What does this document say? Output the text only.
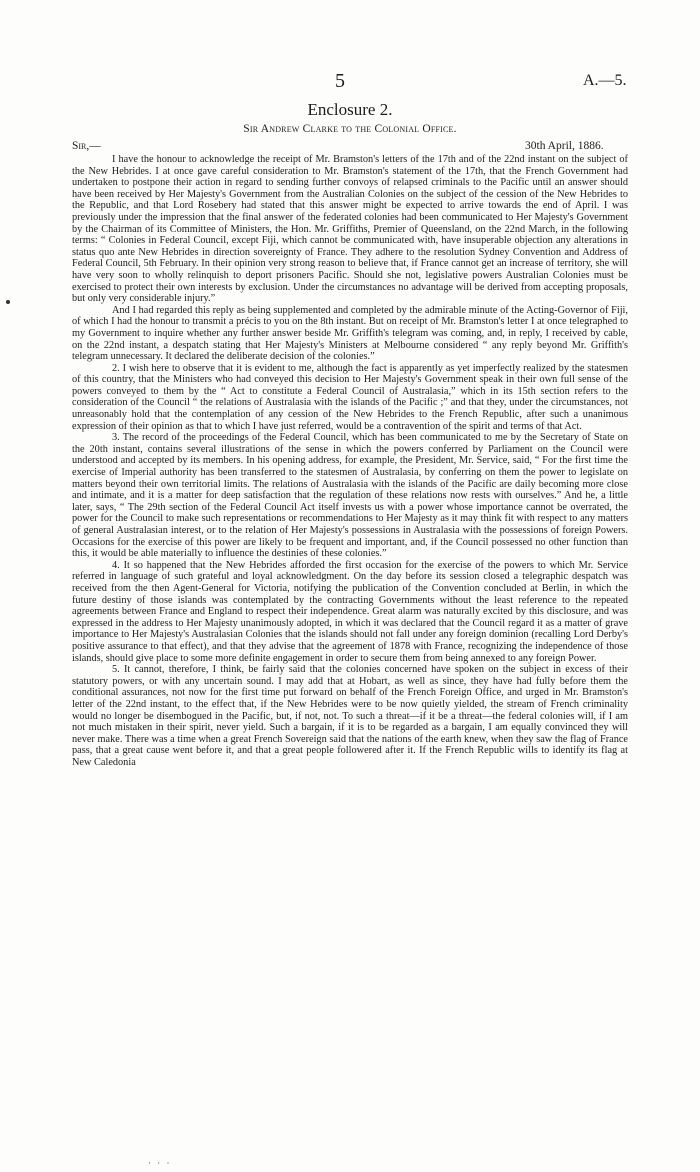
5	A.—5.
Enclosure 2.
Sir Andrew Clarke to the Colonial Office.
Sir,—	30th April, 1886.

I have the honour to acknowledge the receipt of Mr. Bramston's letters of the 17th and of the 22nd instant on the subject of the New Hebrides. I at once gave careful consideration to Mr. Bramston's statement of the 17th, that the French Government had undertaken to postpone their action in regard to sending further convoys of relapsed criminals to the Pacific until an answer should have been received by Her Majesty's Government from the Australian Colonies on the subject of the cession of the New Hebrides to the Republic, and that Lord Rosebery had stated that this answer might be expected to arrive towards the end of April. I was previously under the impression that the final answer of the federated colonies had been communicated to Her Majesty's Government by the Chairman of its Committee of Ministers, the Hon. Mr. Griffiths, Premier of Queensland, on the 22nd March, in the following terms: “ Colonies in Federal Council, except Fiji, which cannot be communicated with, have insuperable objection any alterations in status quo ante New Hebrides in direction sovereignty of France. They adhere to the resolution Sydney Convention and Address of Federal Council, 5th February. In their opinion very strong reason to believe that, if France cannot get an increase of territory, she will have very soon to wholly relinquish to deport prisoners Pacific. Should she not, legislative powers Australian Colonies must be exercised to protect their own interests by exclusion. Under the circumstances no advantage will be derived from accepting proposals, but only very considerable injury.”

And I had regarded this reply as being supplemented and completed by the admirable minute of the Acting-Governor of Fiji, of which I had the honour to transmit a précis to you on the 8th instant. But on receipt of Mr. Bramston's letter I at once telegraphed to my Government to inquire whether any further answer beside Mr. Griffith's telegram was coming, and, in reply, I received by cable, on the 22nd instant, a despatch stating that Her Majesty's Ministers at Melbourne considered “ any reply beyond Mr. Griffith's telegram unnecessary. It declared the deliberate decision of the colonies.”

2. I wish here to observe that it is evident to me, although the fact is apparently as yet imperfectly realized by the statesmen of this country, that the Ministers who had conveyed this decision to Her Majesty's Government speak in their own full sense of the powers conveyed to them by the “ Act to constitute a Federal Council of Australasia,” which in its 15th section refers to the consideration of the Council “ the relations of Australasia with the islands of the Pacific ;” and that they, under the circumstances, not unreasonably hold that the contemplation of any cession of the New Hebrides to the French Republic, after such a unanimous expression of their opinion as that to which I have just referred, would be a contravention of the spirit and terms of that Act.

3. The record of the proceedings of the Federal Council, which has been communicated to me by the Secretary of State on the 20th instant, contains several illustrations of the sense in which the powers conferred by Parliament on the Council were understood and accepted by its members. In his opening address, for example, the President, Mr. Service, said, “ For the first time the exercise of Imperial authority has been transferred to the statesmen of Australasia, by conferring on them the power to legislate on matters beyond their own territorial limits. The relations of Australasia with the islands of the Pacific are daily becoming more close and intimate, and it is a matter for deep satisfaction that the regulation of these relations now rests with ourselves.” And he, a little later, says, “ The 29th section of the Federal Council Act itself invests us with a power whose importance cannot be overrated, the power for the Council to make such representations or recommendations to Her Majesty as it may think fit with respect to any matters of general Australasian interest, or to the relation of Her Majesty's possessions in Australasia with the possessions of foreign Powers. Occasions for the exercise of this power are likely to be frequent and important, and, if the Council possessed no other function than this, it would be able materially to influence the destinies of these colonies.”

4. It so happened that the New Hebrides afforded the first occasion for the exercise of the powers to which Mr. Service referred in language of such grateful and loyal acknowledgment. On the day before its session closed a telegraphic despatch was received from the then Agent-General for Victoria, notifying the publication of the Convention concluded at Berlin, in which the future destiny of those islands was contemplated by the contracting Governments without the least reference to the repeated agreements between France and England to respect their independence. Great alarm was naturally excited by this disclosure, and was expressed in the address to Her Majesty unanimously adopted, in which it was declared that the Council regard it as a matter of grave importance to Her Majesty's Australasian Colonies that the islands should not fall under any foreign dominion (recalling Lord Derby's positive assurance to that effect), and that they advise that the agreement of 1878 with France, recognizing the independence of those islands, should give place to some more definite engagement in order to secure them from being annexed to any foreign Power.

5. It cannot, therefore, I think, be fairly said that the colonies concerned have spoken on the subject in excess of their statutory powers, or with any uncertain sound. I may add that at Hobart, as well as since, they have had fully before them the conditional assurances, not now for the first time put forward on behalf of the French Foreign Office, and urged in Mr. Bramston's letter of the 22nd instant, to the effect that, if the New Hebrides were to be now quietly yielded, the stream of French criminality would no longer be disembogued in the Pacific, but, if not, not. To such a threat—if it be a threat—the federal colonies will, if I am not much mistaken in their spirit, never yield. Such a bargain, if it is to be regarded as a bargain, I am equally convinced they will never make. There was a time when a great French Sovereign said that the nations of the earth knew, when they saw the flag of France pass, that a great cause went before it, and that a great people followered after it. If the French Republic wills to identify its flag at New Caledonia

· · ·
